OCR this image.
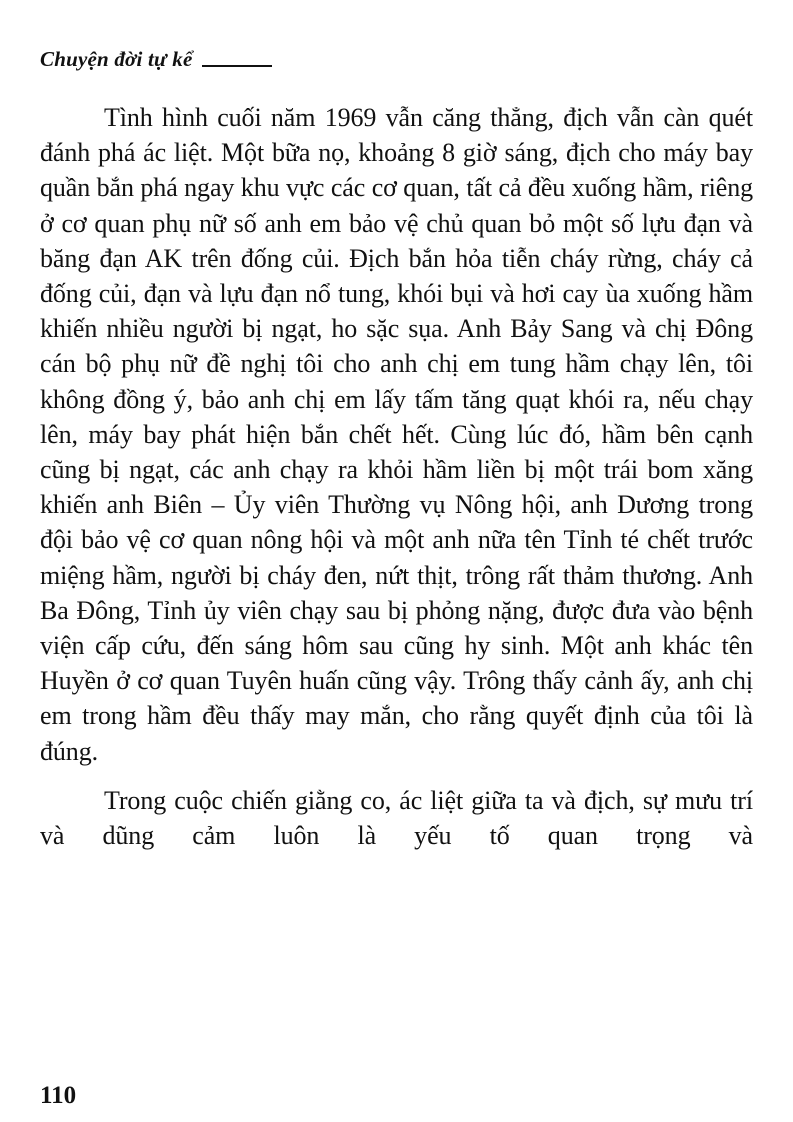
Chuyện đời tự kể

Tình hình cuối năm 1969 vẫn căng thẳng, địch vẫn càn quét đánh phá ác liệt. Một bữa nọ, khoảng 8 giờ sáng, địch cho máy bay quần bắn phá ngay khu vực các cơ quan, tất cả đều xuống hầm, riêng ở cơ quan phụ nữ số anh em bảo vệ chủ quan bỏ một số lựu đạn và băng đạn AK trên đống củi. Địch bắn hỏa tiễn cháy rừng, cháy cả đống củi, đạn và lựu đạn nổ tung, khói bụi và hơi cay ùa xuống hầm khiến nhiều người bị ngạt, ho sặc sụa. Anh Bảy Sang và chị Đông cán bộ phụ nữ đề nghị tôi cho anh chị em tung hầm chạy lên, tôi không đồng ý, bảo anh chị em lấy tấm tăng quạt khói ra, nếu chạy lên, máy bay phát hiện bắn chết hết. Cùng lúc đó, hầm bên cạnh cũng bị ngạt, các anh chạy ra khỏi hầm liền bị một trái bom xăng khiến anh Biên – Ủy viên Thường vụ Nông hội, anh Dương trong đội bảo vệ cơ quan nông hội và một anh nữa tên Tỉnh té chết trước miệng hầm, người bị cháy đen, nứt thịt, trông rất thảm thương. Anh Ba Đông, Tỉnh ủy viên chạy sau bị phỏng nặng, được đưa vào bệnh viện cấp cứu, đến sáng hôm sau cũng hy sinh. Một anh khác tên Huyền ở cơ quan Tuyên huấn cũng vậy. Trông thấy cảnh ấy, anh chị em trong hầm đều thấy may mắn, cho rằng quyết định của tôi là đúng.

Trong cuộc chiến giằng co, ác liệt giữa ta và địch, sự mưu trí và dũng cảm luôn là yếu tố quan trọng và

110
